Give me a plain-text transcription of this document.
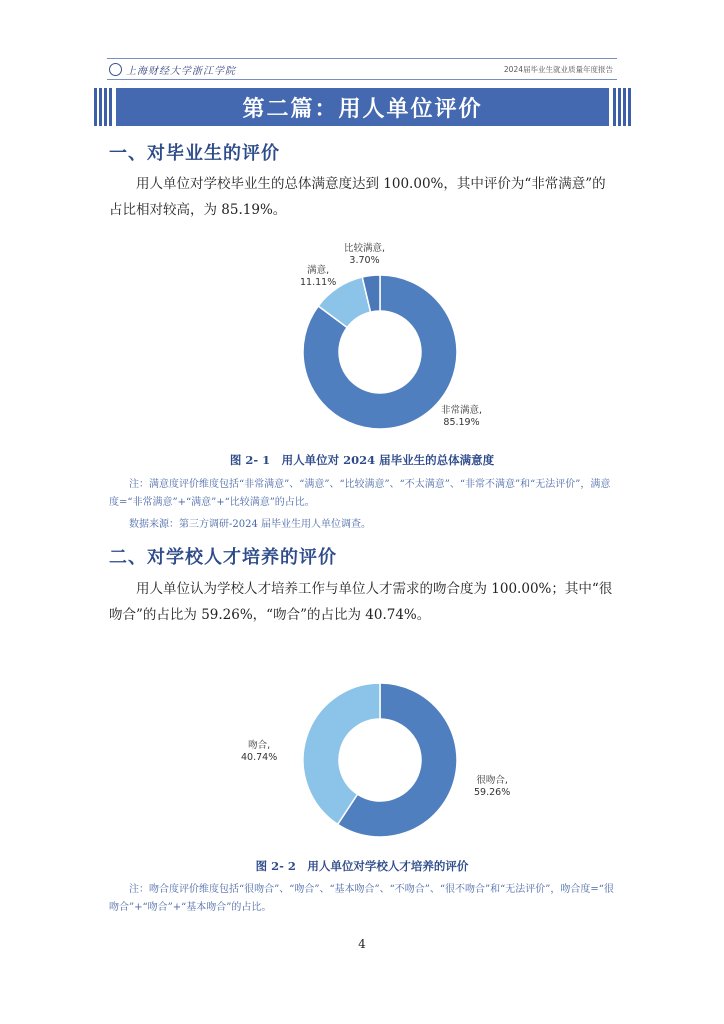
上海财经大学浙江学院	2024届毕业生就业质量年度报告
第二篇：用人单位评价
一、对毕业生的评价
用人单位对学校毕业生的总体满意度达到 100.00%，其中评价为“非常满意”的占比相对较高，为 85.19%。
比较满意,
3.70%
满意,
11.11%
非常满意,
85.19%
图 2- 1　用人单位对 2024 届毕业生的总体满意度
注：满意度评价维度包括“非常满意”、“满意”、“比较满意”、“不太满意”、“非常不满意”和“无法评价”，满意度=“非常满意”+“满意”+“比较满意”的占比。
数据来源：第三方调研-2024 届毕业生用人单位调查。
二、对学校人才培养的评价
用人单位认为学校人才培养工作与单位人才需求的吻合度为 100.00%；其中“很吻合”的占比为 59.26%，“吻合”的占比为 40.74%。
吻合,
40.74%
很吻合,
59.26%
图 2- 2　用人单位对学校人才培养的评价
注：吻合度评价维度包括“很吻合”、“吻合”、“基本吻合”、“不吻合”、“很不吻合”和“无法评价”，吻合度=“很吻合”+“吻合”+“基本吻合”的占比。
4
